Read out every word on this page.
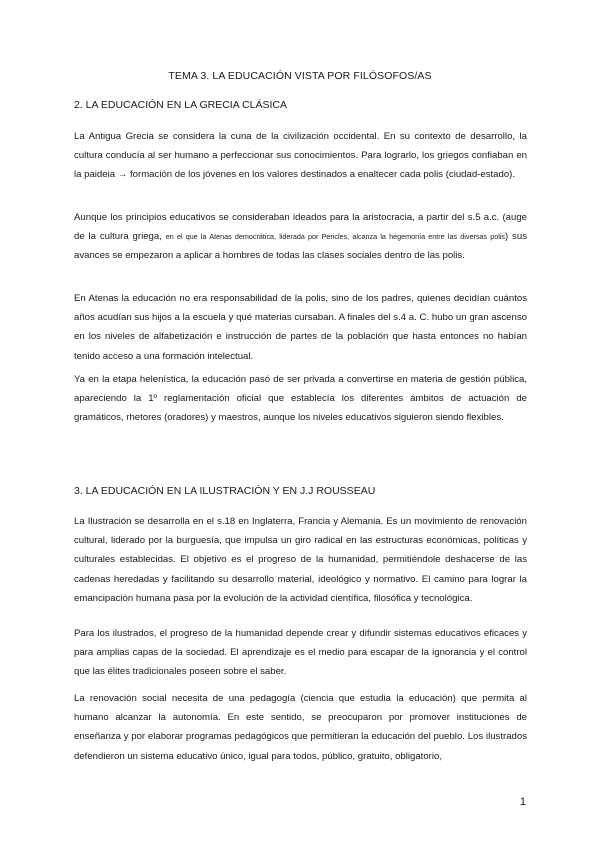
TEMA 3. LA EDUCACIÓN VISTA POR FILÓSOFOS/AS
2. LA EDUCACIÓN EN LA GRECIA CLÁSICA

La Antigua Grecia se considera la cuna de la civilización occidental. En su contexto de desarrollo, la cultura conducía al ser humano a perfeccionar sus conocimientos. Para lograrlo, los griegos confiaban en la paideia → formación de los jóvenes en los valores destinados a enaltecer cada polis (ciudad-estado).

Aunque los principios educativos se consideraban ideados para la aristocracia, a partir del s.5 a.c. (auge de la cultura griega, en el que la Atenas democrática, liderada por Pericles, alcanza la hegemonía entre las diversas polis) sus avances se empezaron a aplicar a hombres de todas las clases sociales dentro de las polis.

En Atenas la educación no era responsabilidad de la polis, sino de los padres, quienes decidían cuántos años acudían sus hijos a la escuela y qué materias cursaban. A finales del s.4 a. C. hubo un gran ascenso en los niveles de alfabetización e instrucción de partes de la población que hasta entonces no habían tenido acceso a una formación intelectual.

Ya en la etapa helenística, la educación pasó de ser privada a convertirse en materia de gestión pública, apareciendo la 1º reglamentación oficial que establecía los diferentes ámbitos de actuación de gramáticos, rhetores (oradores) y maestros, aunque los niveles educativos siguieron siendo flexibles.

3. LA EDUCACIÓN EN LA ILUSTRACIÓN Y EN J.J ROUSSEAU

La Ilustración se desarrolla en el s.18 en Inglaterra, Francia y Alemania. Es un movimiento de renovación cultural, liderado por la burguesía, que impulsa un giro radical en las estructuras económicas, políticas y culturales establecidas. El objetivo es el progreso de la humanidad, permitiéndole deshacerse de las cadenas heredadas y facilitando su desarrollo material, ideológico y normativo. El camino para lograr la emancipación humana pasa por la evolución de la actividad científica, filosófica y tecnológica.

Para los ilustrados, el progreso de la humanidad depende crear y difundir sistemas educativos eficaces y para amplias capas de la sociedad. El aprendizaje es el medio para escapar de la ignorancia y el control que las élites tradicionales poseen sobre el saber.

La renovación social necesita de una pedagogía (ciencia que estudia la educación) que permita al humano alcanzar la autonomía. En este sentido, se preocuparon por promover instituciones de enseñanza y por elaborar programas pedagógicos que permitieran la educación del pueblo. Los ilustrados defendieron un sistema educativo único, igual para todos, público, gratuito, obligatorio,

1
